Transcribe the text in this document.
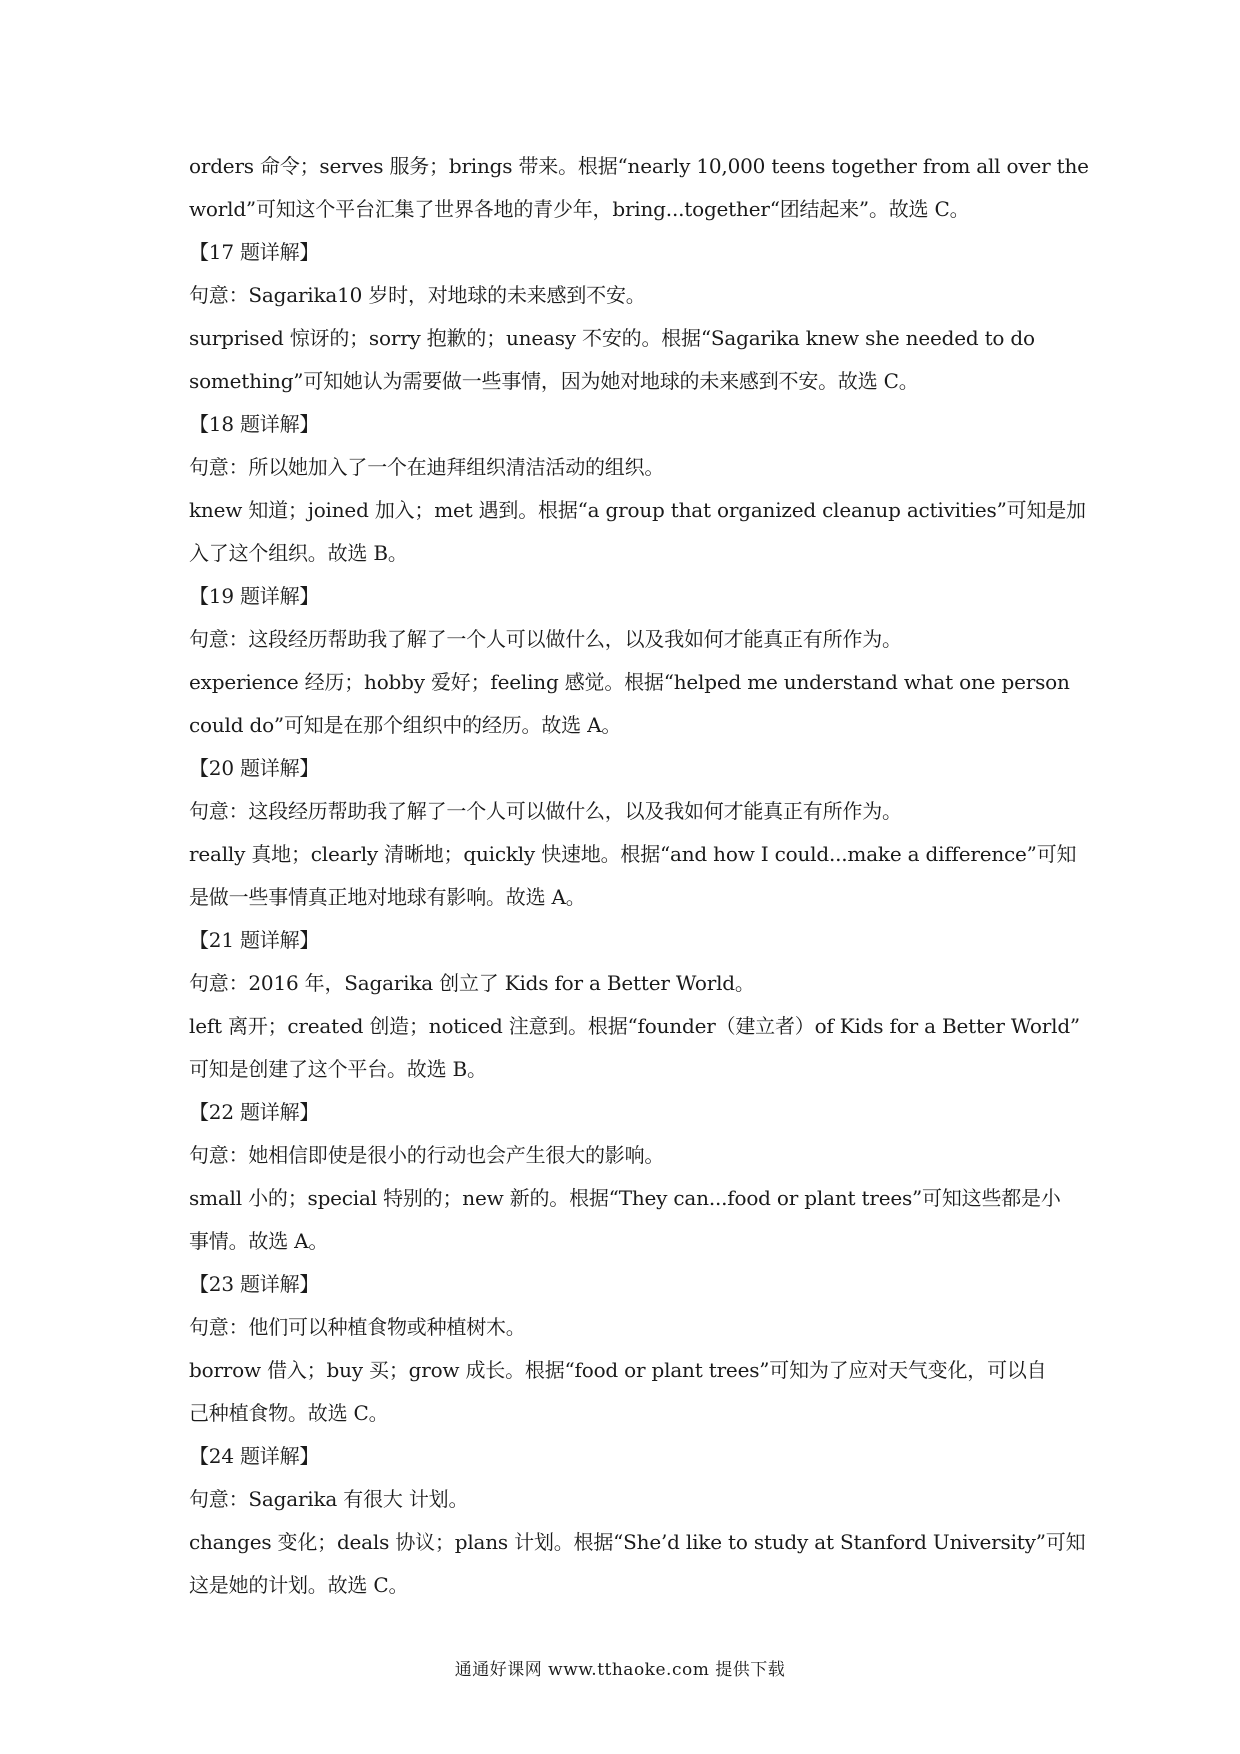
orders 命令；serves 服务；brings 带来。根据“nearly 10,000 teens together from all over the
world”可知这个平台汇集了世界各地的青少年，bring...together“团结起来”。故选 C。
【17 题详解】
句意：Sagarika10 岁时，对地球的未来感到不安。
surprised 惊讶的；sorry 抱歉的；uneasy 不安的。根据“Sagarika knew she needed to do
something”可知她认为需要做一些事情，因为她对地球的未来感到不安。故选 C。
【18 题详解】
句意：所以她加入了一个在迪拜组织清洁活动的组织。
knew 知道；joined 加入；met 遇到。根据“a group that organized cleanup activities”可知是加
入了这个组织。故选 B。
【19 题详解】
句意：这段经历帮助我了解了一个人可以做什么，以及我如何才能真正有所作为。
experience 经历；hobby 爱好；feeling 感觉。根据“helped me understand what one person
could do”可知是在那个组织中的经历。故选 A。
【20 题详解】
句意：这段经历帮助我了解了一个人可以做什么，以及我如何才能真正有所作为。
really 真地；clearly 清晰地；quickly 快速地。根据“and how I could...make a difference”可知
是做一些事情真正地对地球有影响。故选 A。
【21 题详解】
句意：2016 年，Sagarika 创立了 Kids for a Better World。
left 离开；created 创造；noticed 注意到。根据“founder（建立者）of Kids for a Better World”
可知是创建了这个平台。故选 B。
【22 题详解】
句意：她相信即使是很小的行动也会产生很大的影响。
small 小的；special 特别的；new 新的。根据“They can...food or plant trees”可知这些都是小
事情。故选 A。
【23 题详解】
句意：他们可以种植食物或种植树木。
borrow 借入；buy 买；grow 成长。根据“food or plant trees”可知为了应对天气变化，可以自
己种植食物。故选 C。
【24 题详解】
句意：Sagarika 有很大 计划。
changes 变化；deals 协议；plans 计划。根据“She’d like to study at Stanford University”可知
这是她的计划。故选 C。
通通好课网 www.tthaoke.com 提供下载
